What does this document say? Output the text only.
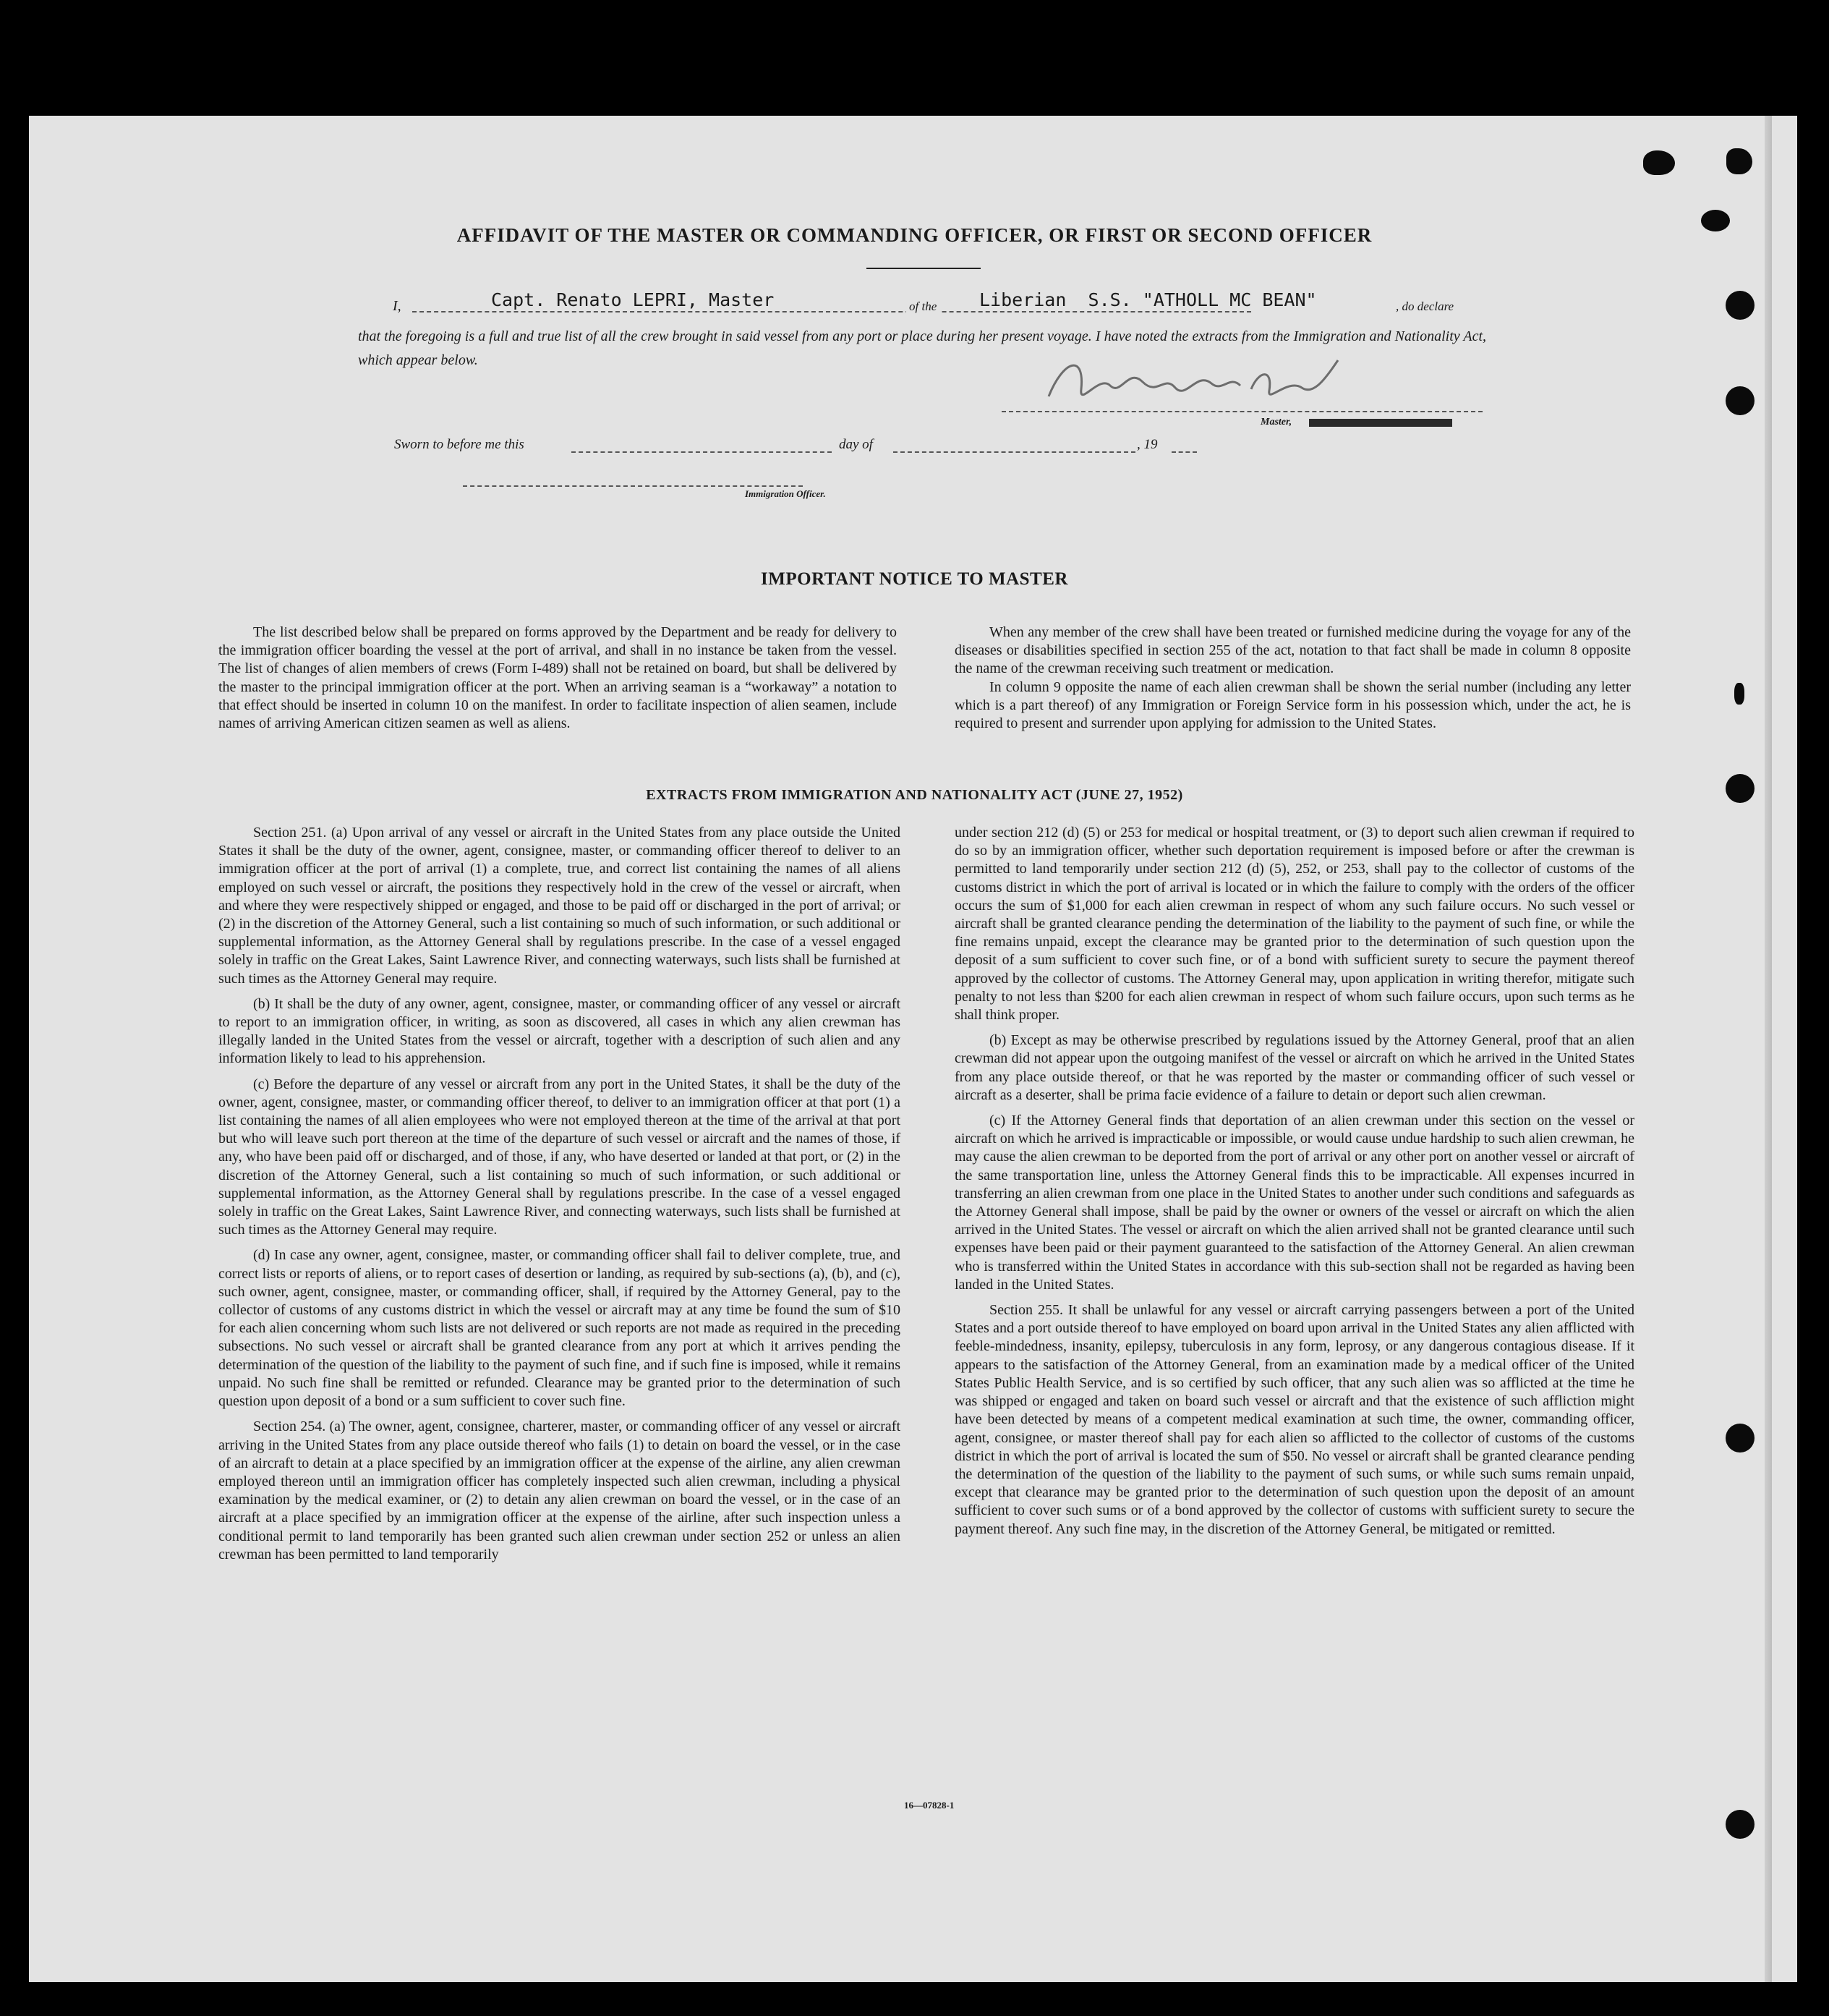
AFFIDAVIT OF THE MASTER OR COMMANDING OFFICER, OR FIRST OR SECOND OFFICER
I,	Capt. Renato LEPRI, Master	of the Liberian  S.S. "ATHOLL MC BEAN"	, do declare
that the foregoing is a full and true list of all the crew brought in said vessel from any port or place during her present voyage. I have noted the extracts from the Immigration and Nationality Act, which appear below.
Master,
Sworn to before me this	day of	, 19
Immigration Officer.
IMPORTANT NOTICE TO MASTER

The list described below shall be prepared on forms approved by the Department and be ready for delivery to the immigration officer boarding the vessel at the port of arrival, and shall in no instance be taken from the vessel. The list of changes of alien members of crews (Form I-489) shall not be retained on board, but shall be delivered by the master to the principal immigration officer at the port. When an arriving seaman is a “workaway” a notation to that effect should be inserted in column 10 on the manifest. In order to facilitate inspection of alien seamen, include names of arriving American citizen seamen as well as aliens.

When any member of the crew shall have been treated or furnished medicine during the voyage for any of the diseases or disabilities specified in section 255 of the act, notation to that fact shall be made in column 8 opposite the name of the crewman receiving such treatment or medication.

In column 9 opposite the name of each alien crewman shall be shown the serial number (including any letter which is a part thereof) of any Immigration or Foreign Service form in his possession which, under the act, he is required to present and surrender upon applying for admission to the United States.

EXTRACTS FROM IMMIGRATION AND NATIONALITY ACT (JUNE 27, 1952)

Section 251. (a) Upon arrival of any vessel or aircraft in the United States from any place outside the United States it shall be the duty of the owner, agent, consignee, master, or commanding officer thereof to deliver to an immigration officer at the port of arrival (1) a complete, true, and correct list containing the names of all aliens employed on such vessel or aircraft, the positions they respectively hold in the crew of the vessel or aircraft, when and where they were respectively shipped or engaged, and those to be paid off or discharged in the port of arrival; or (2) in the discretion of the Attorney General, such a list containing so much of such information, or such additional or supplemental information, as the Attorney General shall by regulations prescribe. In the case of a vessel engaged solely in traffic on the Great Lakes, Saint Lawrence River, and connecting waterways, such lists shall be furnished at such times as the Attorney General may require.

(b) It shall be the duty of any owner, agent, consignee, master, or commanding officer of any vessel or aircraft to report to an immigration officer, in writing, as soon as discovered, all cases in which any alien crewman has illegally landed in the United States from the vessel or aircraft, together with a description of such alien and any information likely to lead to his apprehension.

(c) Before the departure of any vessel or aircraft from any port in the United States, it shall be the duty of the owner, agent, consignee, master, or commanding officer thereof, to deliver to an immigration officer at that port (1) a list containing the names of all alien employees who were not employed thereon at the time of the arrival at that port but who will leave such port thereon at the time of the departure of such vessel or aircraft and the names of those, if any, who have been paid off or discharged, and of those, if any, who have deserted or landed at that port, or (2) in the discretion of the Attorney General, such a list containing so much of such information, or such additional or supplemental information, as the Attorney General shall by regulations prescribe. In the case of a vessel engaged solely in traffic on the Great Lakes, Saint Lawrence River, and connecting waterways, such lists shall be furnished at such times as the Attorney General may require.

(d) In case any owner, agent, consignee, master, or commanding officer shall fail to deliver complete, true, and correct lists or reports of aliens, or to report cases of desertion or landing, as required by sub-sections (a), (b), and (c), such owner, agent, consignee, master, or commanding officer, shall, if required by the Attorney General, pay to the collector of customs of any customs district in which the vessel or aircraft may at any time be found the sum of $10 for each alien concerning whom such lists are not delivered or such reports are not made as required in the preceding subsections. No such vessel or aircraft shall be granted clearance from any port at which it arrives pending the determination of the question of the liability to the payment of such fine, and if such fine is imposed, while it remains unpaid. No such fine shall be remitted or refunded. Clearance may be granted prior to the determination of such question upon deposit of a bond or a sum sufficient to cover such fine.

Section 254. (a) The owner, agent, consignee, charterer, master, or commanding officer of any vessel or aircraft arriving in the United States from any place outside thereof who fails (1) to detain on board the vessel, or in the case of an aircraft to detain at a place specified by an immigration officer at the expense of the airline, any alien crewman employed thereon until an immigration officer has completely inspected such alien crewman, including a physical examination by the medical examiner, or (2) to detain any alien crewman on board the vessel, or in the case of an aircraft at a place specified by an immigration officer at the expense of the airline, after such inspection unless a conditional permit to land temporarily has been granted such alien crewman under section 252 or unless an alien crewman has been permitted to land temporarily

under section 212 (d) (5) or 253 for medical or hospital treatment, or (3) to deport such alien crewman if required to do so by an immigration officer, whether such deportation requirement is imposed before or after the crewman is permitted to land temporarily under section 212 (d) (5), 252, or 253, shall pay to the collector of customs of the customs district in which the port of arrival is located or in which the failure to comply with the orders of the officer occurs the sum of $1,000 for each alien crewman in respect of whom any such failure occurs. No such vessel or aircraft shall be granted clearance pending the determination of the liability to the payment of such fine, or while the fine remains unpaid, except the clearance may be granted prior to the determination of such question upon the deposit of a sum sufficient to cover such fine, or of a bond with sufficient surety to secure the payment thereof approved by the collector of customs. The Attorney General may, upon application in writing therefor, mitigate such penalty to not less than $200 for each alien crewman in respect of whom such failure occurs, upon such terms as he shall think proper.

(b) Except as may be otherwise prescribed by regulations issued by the Attorney General, proof that an alien crewman did not appear upon the outgoing manifest of the vessel or aircraft on which he arrived in the United States from any place outside thereof, or that he was reported by the master or commanding officer of such vessel or aircraft as a deserter, shall be prima facie evidence of a failure to detain or deport such alien crewman.

(c) If the Attorney General finds that deportation of an alien crewman under this section on the vessel or aircraft on which he arrived is impracticable or impossible, or would cause undue hardship to such alien crewman, he may cause the alien crewman to be deported from the port of arrival or any other port on another vessel or aircraft of the same transportation line, unless the Attorney General finds this to be impracticable. All expenses incurred in transferring an alien crewman from one place in the United States to another under such conditions and safeguards as the Attorney General shall impose, shall be paid by the owner or owners of the vessel or aircraft on which the alien arrived in the United States. The vessel or aircraft on which the alien arrived shall not be granted clearance until such expenses have been paid or their payment guaranteed to the satisfaction of the Attorney General. An alien crewman who is transferred within the United States in accordance with this sub-section shall not be regarded as having been landed in the United States.

Section 255. It shall be unlawful for any vessel or aircraft carrying passengers between a port of the United States and a port outside thereof to have employed on board upon arrival in the United States any alien afflicted with feeble-mindedness, insanity, epilepsy, tuberculosis in any form, leprosy, or any dangerous contagious disease. If it appears to the satisfaction of the Attorney General, from an examination made by a medical officer of the United States Public Health Service, and is so certified by such officer, that any such alien was so afflicted at the time he was shipped or engaged and taken on board such vessel or aircraft and that the existence of such affliction might have been detected by means of a competent medical examination at such time, the owner, commanding officer, agent, consignee, or master thereof shall pay for each alien so afflicted to the collector of customs of the customs district in which the port of arrival is located the sum of $50. No vessel or aircraft shall be granted clearance pending the determination of the question of the liability to the payment of such sums, or while such sums remain unpaid, except that clearance may be granted prior to the determination of such question upon the deposit of an amount sufficient to cover such sums or of a bond approved by the collector of customs with sufficient surety to secure the payment thereof. Any such fine may, in the discretion of the Attorney General, be mitigated or remitted.

16—07828-1
